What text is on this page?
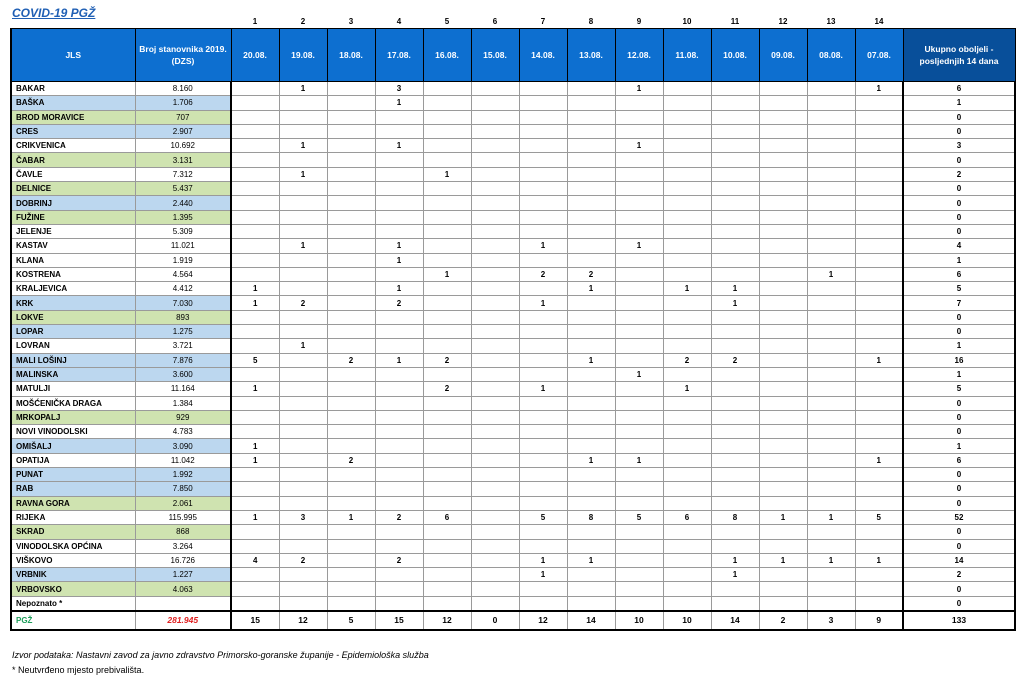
COVID-19 PGŽ
		1	2	3	4	5	6	7	8	9	10	11	12	13	14	
JLS	Broj stanovnika 2019. (DZS)	20.08.	19.08.	18.08.	17.08.	16.08.	15.08.	14.08.	13.08.	12.08.	11.08.	10.08.	09.08.	08.08.	07.08.	Ukupno oboljeli - posljednjih 14 dana
BAKAR	8.160		1		3					1					1	6
BAŠKA	1.706				1											1
BROD MORAVICE	707															0
CRES	2.907															0
CRIKVENICA	10.692		1		1					1						3
ČABAR	3.131															0
ČAVLE	7.312		1			1										2
DELNICE	5.437															0
DOBRINJ	2.440															0
FUŽINE	1.395															0
JELENJE	5.309															0
KASTAV	11.021		1		1			1		1						4
KLANA	1.919				1											1
KOSTRENA	4.564					1		2	2					1		6
KRALJEVICA	4.412	1			1				1		1	1				5
KRK	7.030	1	2		2			1				1				7
LOKVE	893															0
LOPAR	1.275															0
LOVRAN	3.721		1													1
MALI LOŠINJ	7.876	5		2	1	2			1		2	2			1	16
MALINSKA	3.600									1						1
MATULJI	11.164	1				2		1			1					5
MOŠĆENIČKA DRAGA	1.384															0
MRKOPALJ	929															0
NOVI VINODOLSKI	4.783															0
OMIŠALJ	3.090	1														1
OPATIJA	11.042	1		2					1	1					1	6
PUNAT	1.992															0
RAB	7.850															0
RAVNA GORA	2.061															0
RIJEKA	115.995	1	3	1	2	6		5	8	5	6	8	1	1	5	52
SKRAD	868															0
VINODOLSKA OPĆINA	3.264															0
VIŠKOVO	16.726	4	2		2			1	1			1	1	1	1	14
VRBNIK	1.227							1				1				2
VRBOVSKO	4.063															0
Nepoznato *																0
PGŽ	281.945	15	12	5	15	12	0	12	14	10	10	14	2	3	9	133
Izvor podataka: Nastavni zavod za javno zdravstvo Primorsko-goranske županije - Epidemiološka služba
* Neutvrđeno mjesto prebivališta.
